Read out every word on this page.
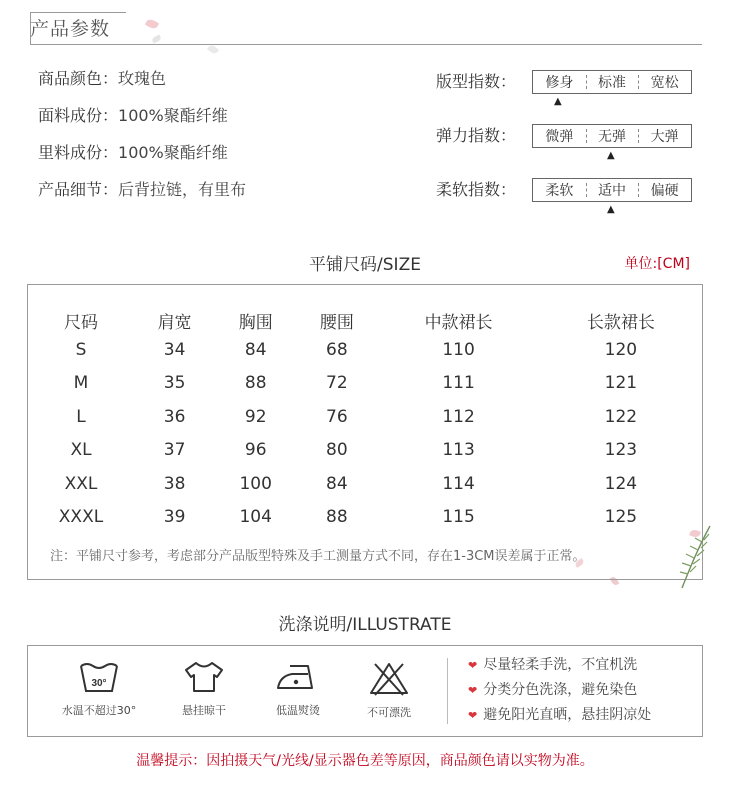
产品参数
商品颜色：玫瑰色
面料成份：100%聚酯纤维
里料成份：100%聚酯纤维
产品细节：后背拉链，有里布
版型指数：	修身	标准	宽松
▲
弹力指数：	微弹	无弹	大弹
▲
柔软指数：	柔软	适中	偏硬
▲
平铺尺码/SIZE	单位:[CM]
尺码	肩宽	胸围	腰围	中款裙长	长款裙长
S	34	84	68	110	120
M	35	88	72	111	121
L	36	92	76	112	122
XL	37	96	80	113	123
XXL	38	100	84	114	124
XXXL	39	104	88	115	125
注：平铺尺寸参考，考虑部分产品版型特殊及手工测量方式不同，存在1-3CM误差属于正常。
洗涤说明/ILLUSTRATE
30°
水温不超过30°	悬挂晾干	低温熨烫	不可漂洗
❤ 尽量轻柔手洗，不宜机洗
❤ 分类分色洗涤，避免染色
❤ 避免阳光直晒，悬挂阴凉处
温馨提示：因拍摄天气/光线/显示器色差等原因，商品颜色请以实物为准。
